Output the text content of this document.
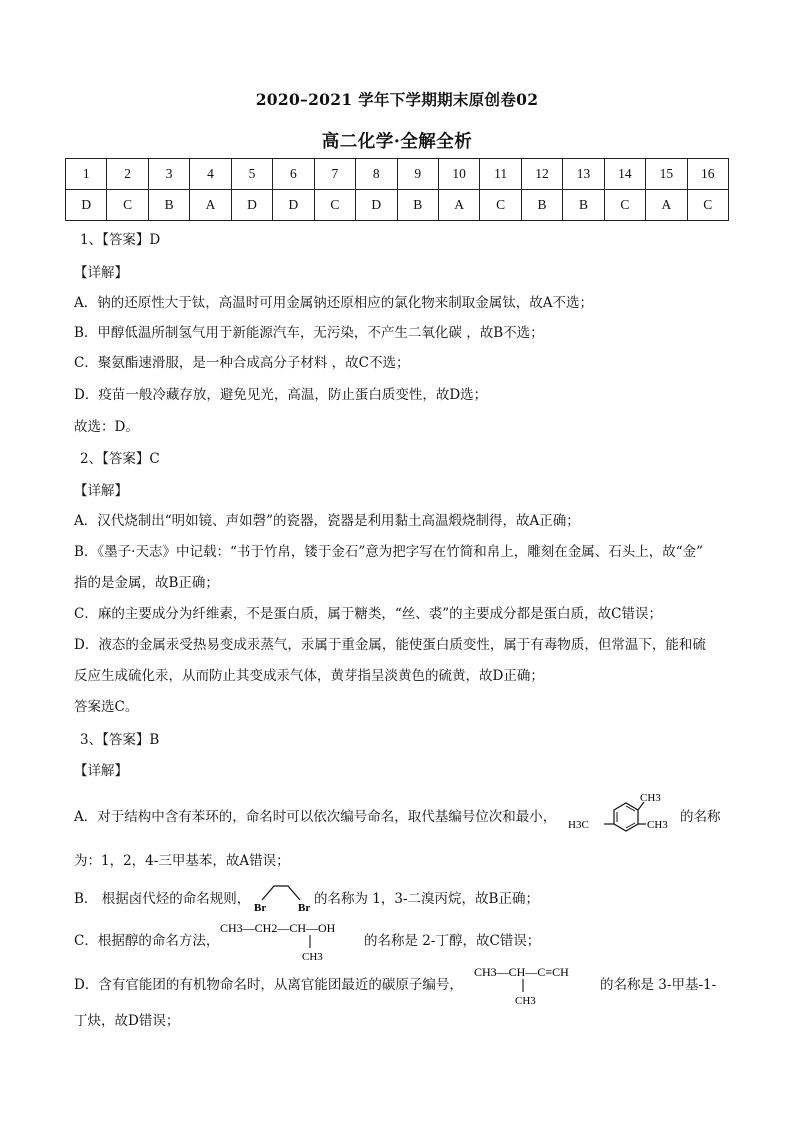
2020–2021 学年下学期期末原创卷02
高二化学·全解全析
1	2	3	4	5	6	7	8	9	10	11	12	13	14	15	16
D	C	B	A	D	D	C	D	B	A	C	B	B	C	A	C
1、【答案】D
【详解】
A．钠的还原性大于钛，高温时可用金属钠还原相应的氯化物来制取金属钛，故A不选；
B．甲醇低温所制氢气用于新能源汽车，无污染，不产生二氧化碳 ，故B不选；
C．聚氨酯速滑服，是一种合成高分子材料 ，故C不选；
D．疫苗一般冷藏存放，避免见光，高温，防止蛋白质变性，故D选；
故选：D。
2、【答案】C
【详解】
A．汉代烧制出“明如镜、声如磬”的瓷器，瓷器是利用黏土高温煅烧制得，故A正确；
B．《墨子·天志》中记载：“书于竹帛，镂于金石”意为把字写在竹简和帛上，雕刻在金属、石头上，故“金”
指的是金属，故B正确；
C．麻的主要成分为纤维素，不是蛋白质，属于糖类，“丝、裘”的主要成分都是蛋白质，故C错误；
D．液态的金属汞受热易变成汞蒸气，汞属于重金属，能使蛋白质变性，属于有毒物质，但常温下，能和硫
反应生成硫化汞，从而防止其变成汞气体，黄芽指呈淡黄色的硫黄，故D正确；
答案选C。
3、【答案】B
【详解】
A．对于结构中含有苯环的，命名时可以依次编号命名，取代基编号位次和最小，
CH3
CH3
H3C	的名称
为：1，2，4-三甲基苯，故A错误；
B． 根据卤代烃的命名规则，
Br	Br
的名称为 1，3-二溴丙烷，故B正确；
C．根据醇的命名方法，
CH3—CH2—CH—OH
CH3
的名称是 2-丁醇，故C错误；
D．含有官能团的有机物命名时，从离官能团最近的碳原子编号，
CH3—CH—C≡CH
CH3
的名称是 3-甲基-1-
丁炔，故D错误；
